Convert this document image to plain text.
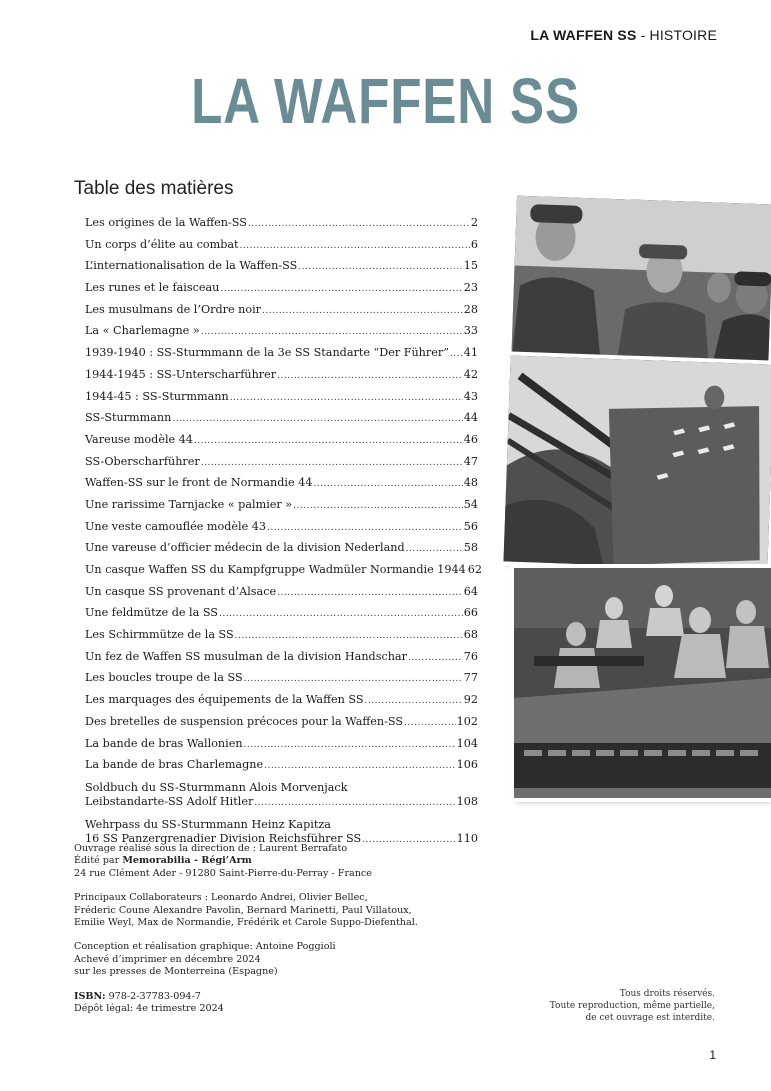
LA WAFFEN SS - HISTOIRE
LA WAFFEN SS
Table des matières
Les origines de la Waffen-SS .....	2
Un corps d’élite au combat .....	6
L’internationalisation de la Waffen-SS .....	15
Les runes et le faisceau .....	23
Les musulmans de l’Ordre noir .....	28
La « Charlemagne » .....	33
1939-1940 : SS-Sturmmann de la 3e SS Standarte “Der Führer” ..... 41
1944-1945 : SS-Unterscharführer .....	42
1944-45 : SS-Sturmmann .....	43
SS-Sturmmann .....	44
Vareuse modèle 44 .....	46
SS-Oberscharführer .....	47
Waffen-SS sur le front de Normandie 44 .....	48
Une rarissime Tarnjacke « palmier » .....	54
Une veste camouflée modèle 43 .....	56
Une vareuse d’officier médecin de la division Nederland .....	58
Un casque Waffen SS du Kampfgruppe Wadmüler Normandie 1944 62
Un casque SS provenant d’Alsace .....	64
Une feldmütze de la SS .....	66
Les Schirmmütze de la SS .....	68
Un fez de Waffen SS musulman de la division Handschar .....	76
Les boucles troupe de la SS .....	77
Les marquages des équipements de la Waffen SS .....	92
Des bretelles de suspension précoces pour la Waffen-SS .....	102
La bande de bras Wallonien .....	104
La bande de bras Charlemagne .....	106
Soldbuch du SS-Sturmmann Alois Morvenjack
Leibstandarte-SS Adolf Hitler .....	108
Wehrpass du SS-Sturmmann Heinz Kapitza
16 SS Panzergrenadier Division Reichsführer SS .....	110

Ouvrage réalisé sous la direction de : Laurent Berrafato

Édité par Memorabilia - Régi’Arm

24 rue Clément Ader - 91280 Saint-Pierre-du-Perray - France

Principaux Collaborateurs : Leonardo Andrei, Olivier Bellec,

Fréderic Coune Alexandre Pavolin, Bernard Marinetti, Paul Villatoux,

Emilie Weyl, Max de Normandie, Frédérik et Carole Suppo-Diefenthal.

Conception et réalisation graphique: Antoine Poggioli

Achevé d’imprimer en décembre 2024

sur les presses de Monterreina (Espagne)

ISBN: 978-2-37783-094-7

Dépôt légal: 4e trimestre 2024

Tous droits réservés.
Toute reproduction, même partielle,
de cet ouvrage est interdite.
1
